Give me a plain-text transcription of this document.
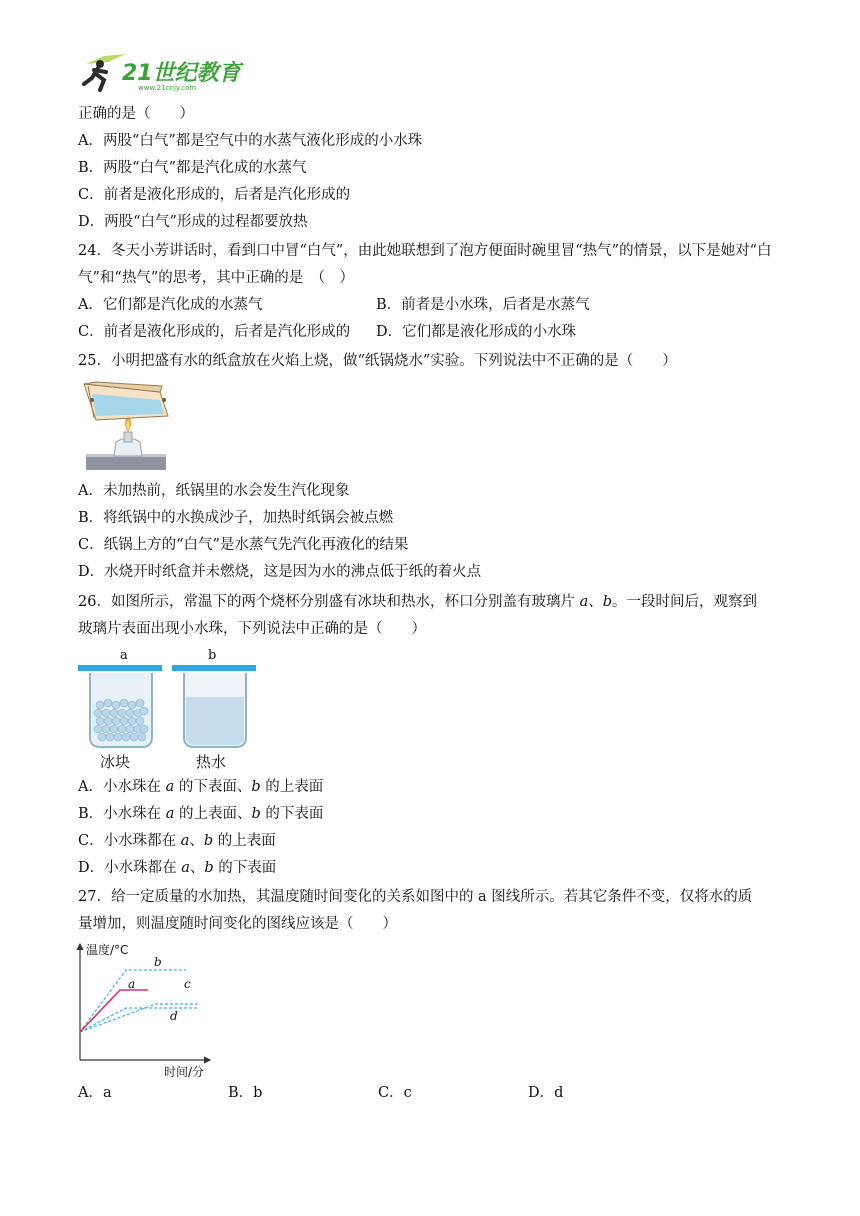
21世纪教育
www.21cnjy.com
正确的是（　　）
A．两股“白气”都是空气中的水蒸气液化形成的小水珠
B．两股“白气”都是汽化成的水蒸气
C．前者是液化形成的，后者是汽化形成的
D．两股“白气”形成的过程都要放热
24．冬天小芳讲话时，看到口中冒“白气”，由此她联想到了泡方便面时碗里冒“热气”的情景，以下是她对“白
气”和“热气”的思考，其中正确的是　（　）
A．它们都是汽化成的水蒸气	B．前者是小水珠，后者是水蒸气
C．前者是液化形成的，后者是汽化形成的 D．它们都是液化形成的小水珠
25．小明把盛有水的纸盒放在火焰上烧，做“纸锅烧水”实验。下列说法中不正确的是（　　）
A．未加热前，纸锅里的水会发生汽化现象
B．将纸锅中的水换成沙子，加热时纸锅会被点燃
C．纸锅上方的“白气”是水蒸气先汽化再液化的结果
D．水烧开时纸盒并未燃烧，这是因为水的沸点低于纸的着火点
26．如图所示，常温下的两个烧杯分别盛有冰块和热水，杯口分别盖有玻璃片 a、b。一段时间后，观察到
玻璃片表面出现小水珠，下列说法中正确的是（　　）
a	b
冰块	热水
A．小水珠在 a 的下表面、b 的上表面
B．小水珠在 a 的上表面、b 的下表面
C．小水珠都在 a、b 的上表面
D．小水珠都在 a、b 的下表面
27．给一定质量的水加热，其温度随时间变化的关系如图中的 a 图线所示。若其它条件不变，仅将水的质
量增加，则温度随时间变化的图线应该是（　　）
温度/°C
时间/分
b
a	c
d
A．a	B．b	C．c	D．d
